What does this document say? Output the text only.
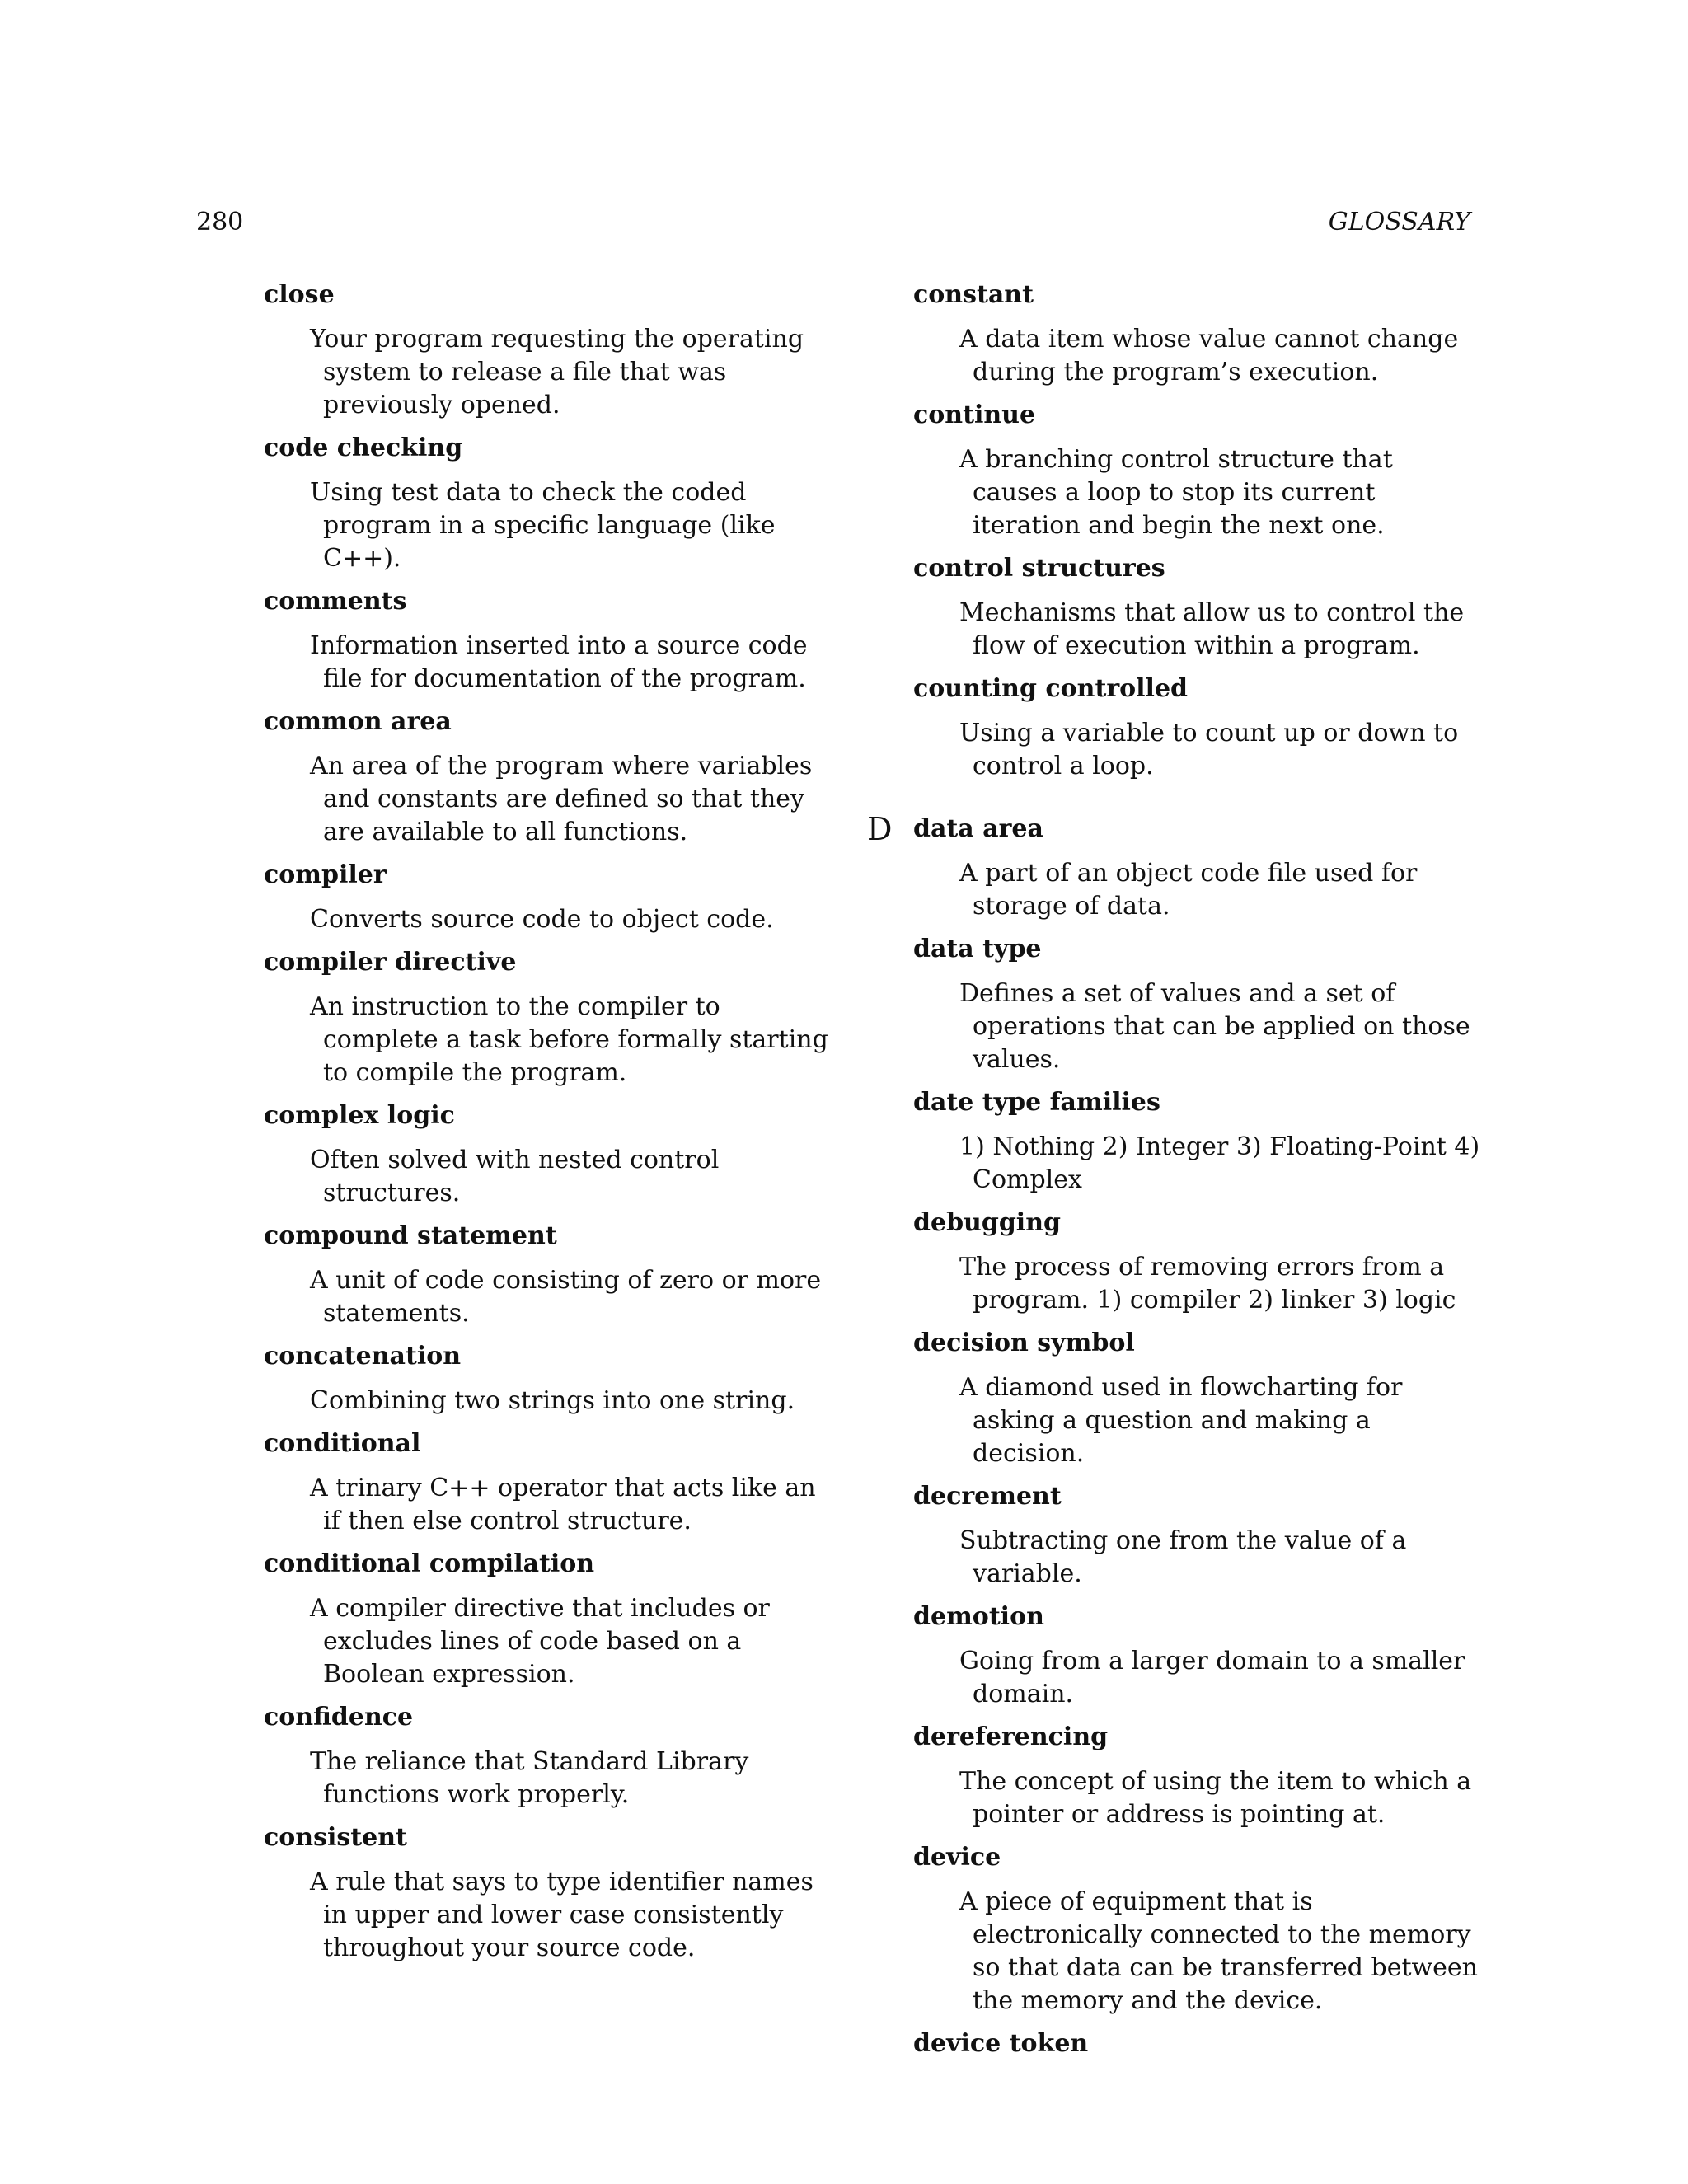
280	GLOSSARY
close
Your program requesting the operating system to release a file that was previously opened.
code checking
Using test data to check the coded program in a specific language (like C++).
comments
Information inserted into a source code file for documentation of the program.
common area
An area of the program where variables and constants are defined so that they are available to all functions.
compiler
Converts source code to object code.
compiler directive
An instruction to the compiler to complete a task before formally starting to compile the program.
complex logic
Often solved with nested control structures.
compound statement
A unit of code consisting of zero or more statements.
concatenation
Combining two strings into one string.
conditional
A trinary C++ operator that acts like an if then else control structure.
conditional compilation
A compiler directive that includes or excludes lines of code based on a Boolean expression.
confidence
The reliance that Standard Library functions work properly.
consistent
A rule that says to type identifier names in upper and lower case consistently throughout your source code.
constant
A data item whose value cannot change during the program’s execution.
continue
A branching control structure that causes a loop to stop its current iteration and begin the next one.
control structures
Mechanisms that allow us to control the flow of execution within a program.
counting controlled
Using a variable to count up or down to control a loop.
D data area
A part of an object code file used for storage of data.
data type
Defines a set of values and a set of operations that can be applied on those values.
date type families
1) Nothing 2) Integer 3) Floating-Point 4) Complex
debugging
The process of removing errors from a program. 1) compiler 2) linker 3) logic
decision symbol
A diamond used in flowcharting for asking a question and making a decision.
decrement
Subtracting one from the value of a variable.
demotion
Going from a larger domain to a smaller domain.
dereferencing
The concept of using the item to which a pointer or address is pointing at.
device
A piece of equipment that is electronically connected to the memory so that data can be transferred between the memory and the device.
device token
